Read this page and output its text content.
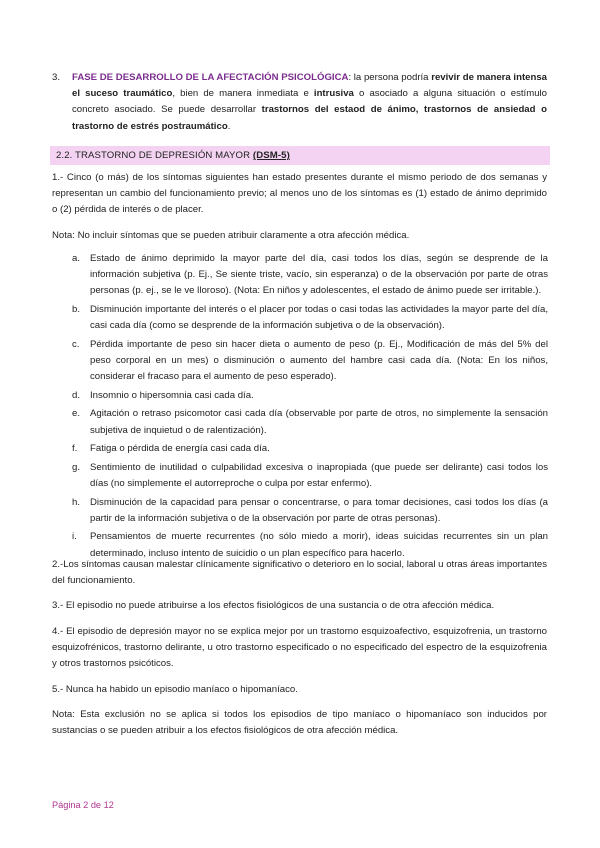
3. FASE DE DESARROLLO DE LA AFECTACIÓN PSICOLÓGICA: la persona podría revivir de manera intensa el suceso traumático, bien de manera inmediata e intrusiva o asociado a alguna situación o estímulo concreto asociado. Se puede desarrollar trastornos del estaod de ánimo, trastornos de ansiedad o trastorno de estrés postraumático.
2.2. TRASTORNO DE DEPRESIÓN MAYOR (DSM-5)
1.- Cinco (o más) de los síntomas siguientes han estado presentes durante el mismo periodo de dos semanas y representan un cambio del funcionamiento previo; al menos uno de los síntomas es (1) estado de ánimo deprimido o (2) pérdida de interés o de placer.
Nota: No incluir síntomas que se pueden atribuir claramente a otra afección médica.
a. Estado de ánimo deprimido la mayor parte del día, casi todos los días, según se desprende de la información subjetiva (p. Ej., Se siente triste, vacío, sin esperanza) o de la observación por parte de otras personas (p. ej., se le ve lloroso). (Nota: En niños y adolescentes, el estado de ánimo puede ser irritable.).
b. Disminución importante del interés o el placer por todas o casi todas las actividades la mayor parte del día, casi cada día (como se desprende de la información subjetiva o de la observación).
c. Pérdida importante de peso sin hacer dieta o aumento de peso (p. Ej., Modificación de más del 5% del peso corporal en un mes) o disminución o aumento del hambre casi cada día. (Nota: En los niños, considerar el fracaso para el aumento de peso esperado).
d. Insomnio o hipersomnia casi cada día.
e. Agitación o retraso psicomotor casi cada día (observable por parte de otros, no simplemente la sensación subjetiva de inquietud o de ralentización).
f. Fatiga o pérdida de energía casi cada día.
g. Sentimiento de inutilidad o culpabilidad excesiva o inapropiada (que puede ser delirante) casi todos los días (no simplemente el autorreproche o culpa por estar enfermo).
h. Disminución de la capacidad para pensar o concentrarse, o para tomar decisiones, casi todos los días (a partir de la información subjetiva o de la observación por parte de otras personas).
i. Pensamientos de muerte recurrentes (no sólo miedo a morir), ideas suicidas recurrentes sin un plan determinado, incluso intento de suicidio o un plan específico para hacerlo.
2.-Los síntomas causan malestar clínicamente significativo o deterioro en lo social, laboral u otras áreas importantes del funcionamiento.
3.- El episodio no puede atribuirse a los efectos fisiológicos de una sustancia o de otra afección médica.
4.- El episodio de depresión mayor no se explica mejor por un trastorno esquizoafectivo, esquizofrenia, un trastorno esquizofrénicos, trastorno delirante, u otro trastorno especificado o no especificado del espectro de la esquizofrenia y otros trastornos psicóticos.
5.- Nunca ha habido un episodio maníaco o hipomaníaco.
Nota: Esta exclusión no se aplica si todos los episodios de tipo maníaco o hipomaníaco son inducidos por sustancias o se pueden atribuir a los efectos fisiológicos de otra afección médica.
Página 2 de 12
